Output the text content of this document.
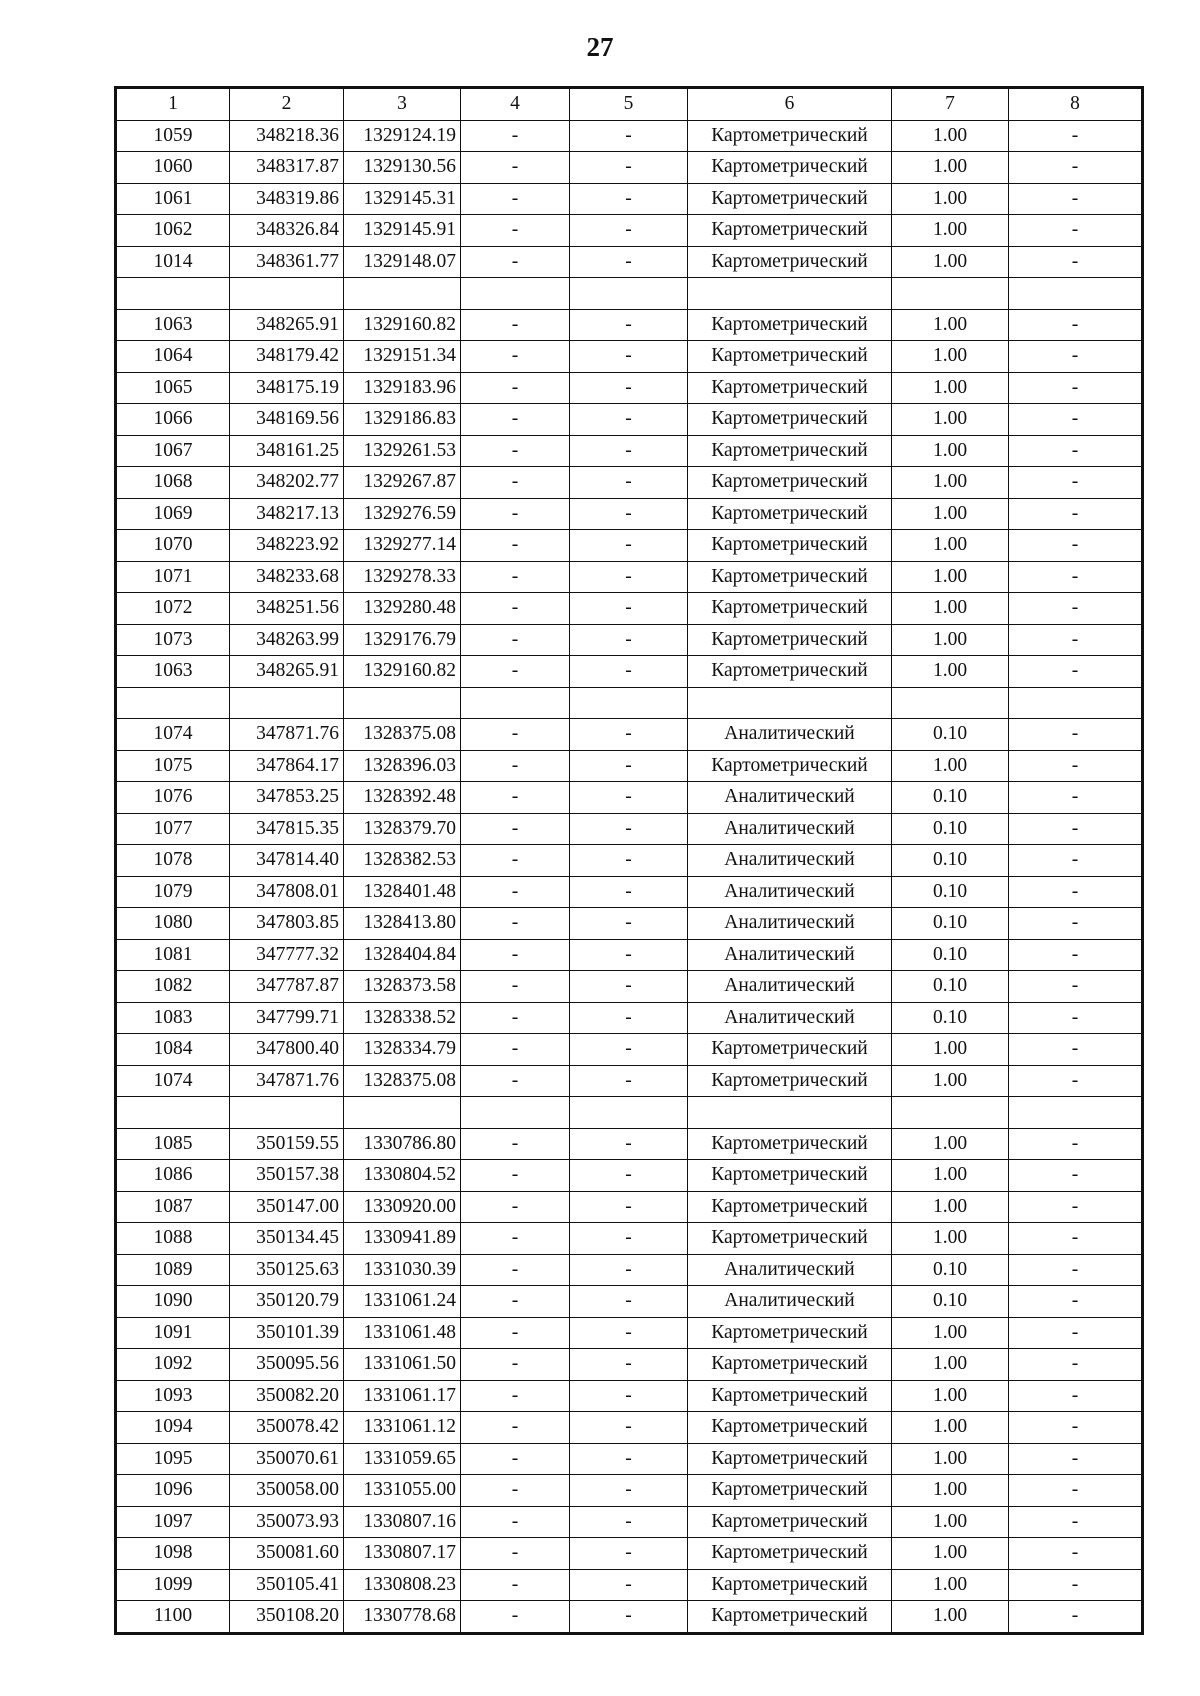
27
1	2	3	4	5	6	7	8
1059	348218.36	1329124.19	-	-	Картометрический	1.00	-
1060	348317.87	1329130.56	-	-	Картометрический	1.00	-
1061	348319.86	1329145.31	-	-	Картометрический	1.00	-
1062	348326.84	1329145.91	-	-	Картометрический	1.00	-
1014	348361.77	1329148.07	-	-	Картометрический	1.00	-

1063	348265.91	1329160.82	-	-	Картометрический	1.00	-
1064	348179.42	1329151.34	-	-	Картометрический	1.00	-
1065	348175.19	1329183.96	-	-	Картометрический	1.00	-
1066	348169.56	1329186.83	-	-	Картометрический	1.00	-
1067	348161.25	1329261.53	-	-	Картометрический	1.00	-
1068	348202.77	1329267.87	-	-	Картометрический	1.00	-
1069	348217.13	1329276.59	-	-	Картометрический	1.00	-
1070	348223.92	1329277.14	-	-	Картометрический	1.00	-
1071	348233.68	1329278.33	-	-	Картометрический	1.00	-
1072	348251.56	1329280.48	-	-	Картометрический	1.00	-
1073	348263.99	1329176.79	-	-	Картометрический	1.00	-
1063	348265.91	1329160.82	-	-	Картометрический	1.00	-

1074	347871.76	1328375.08	-	-	Аналитический	0.10	-
1075	347864.17	1328396.03	-	-	Картометрический	1.00	-
1076	347853.25	1328392.48	-	-	Аналитический	0.10	-
1077	347815.35	1328379.70	-	-	Аналитический	0.10	-
1078	347814.40	1328382.53	-	-	Аналитический	0.10	-
1079	347808.01	1328401.48	-	-	Аналитический	0.10	-
1080	347803.85	1328413.80	-	-	Аналитический	0.10	-
1081	347777.32	1328404.84	-	-	Аналитический	0.10	-
1082	347787.87	1328373.58	-	-	Аналитический	0.10	-
1083	347799.71	1328338.52	-	-	Аналитический	0.10	-
1084	347800.40	1328334.79	-	-	Картометрический	1.00	-
1074	347871.76	1328375.08	-	-	Картометрический	1.00	-

1085	350159.55	1330786.80	-	-	Картометрический	1.00	-
1086	350157.38	1330804.52	-	-	Картометрический	1.00	-
1087	350147.00	1330920.00	-	-	Картометрический	1.00	-
1088	350134.45	1330941.89	-	-	Картометрический	1.00	-
1089	350125.63	1331030.39	-	-	Аналитический	0.10	-
1090	350120.79	1331061.24	-	-	Аналитический	0.10	-
1091	350101.39	1331061.48	-	-	Картометрический	1.00	-
1092	350095.56	1331061.50	-	-	Картометрический	1.00	-
1093	350082.20	1331061.17	-	-	Картометрический	1.00	-
1094	350078.42	1331061.12	-	-	Картометрический	1.00	-
1095	350070.61	1331059.65	-	-	Картометрический	1.00	-
1096	350058.00	1331055.00	-	-	Картометрический	1.00	-
1097	350073.93	1330807.16	-	-	Картометрический	1.00	-
1098	350081.60	1330807.17	-	-	Картометрический	1.00	-
1099	350105.41	1330808.23	-	-	Картометрический	1.00	-
1100	350108.20	1330778.68	-	-	Картометрический	1.00	-
